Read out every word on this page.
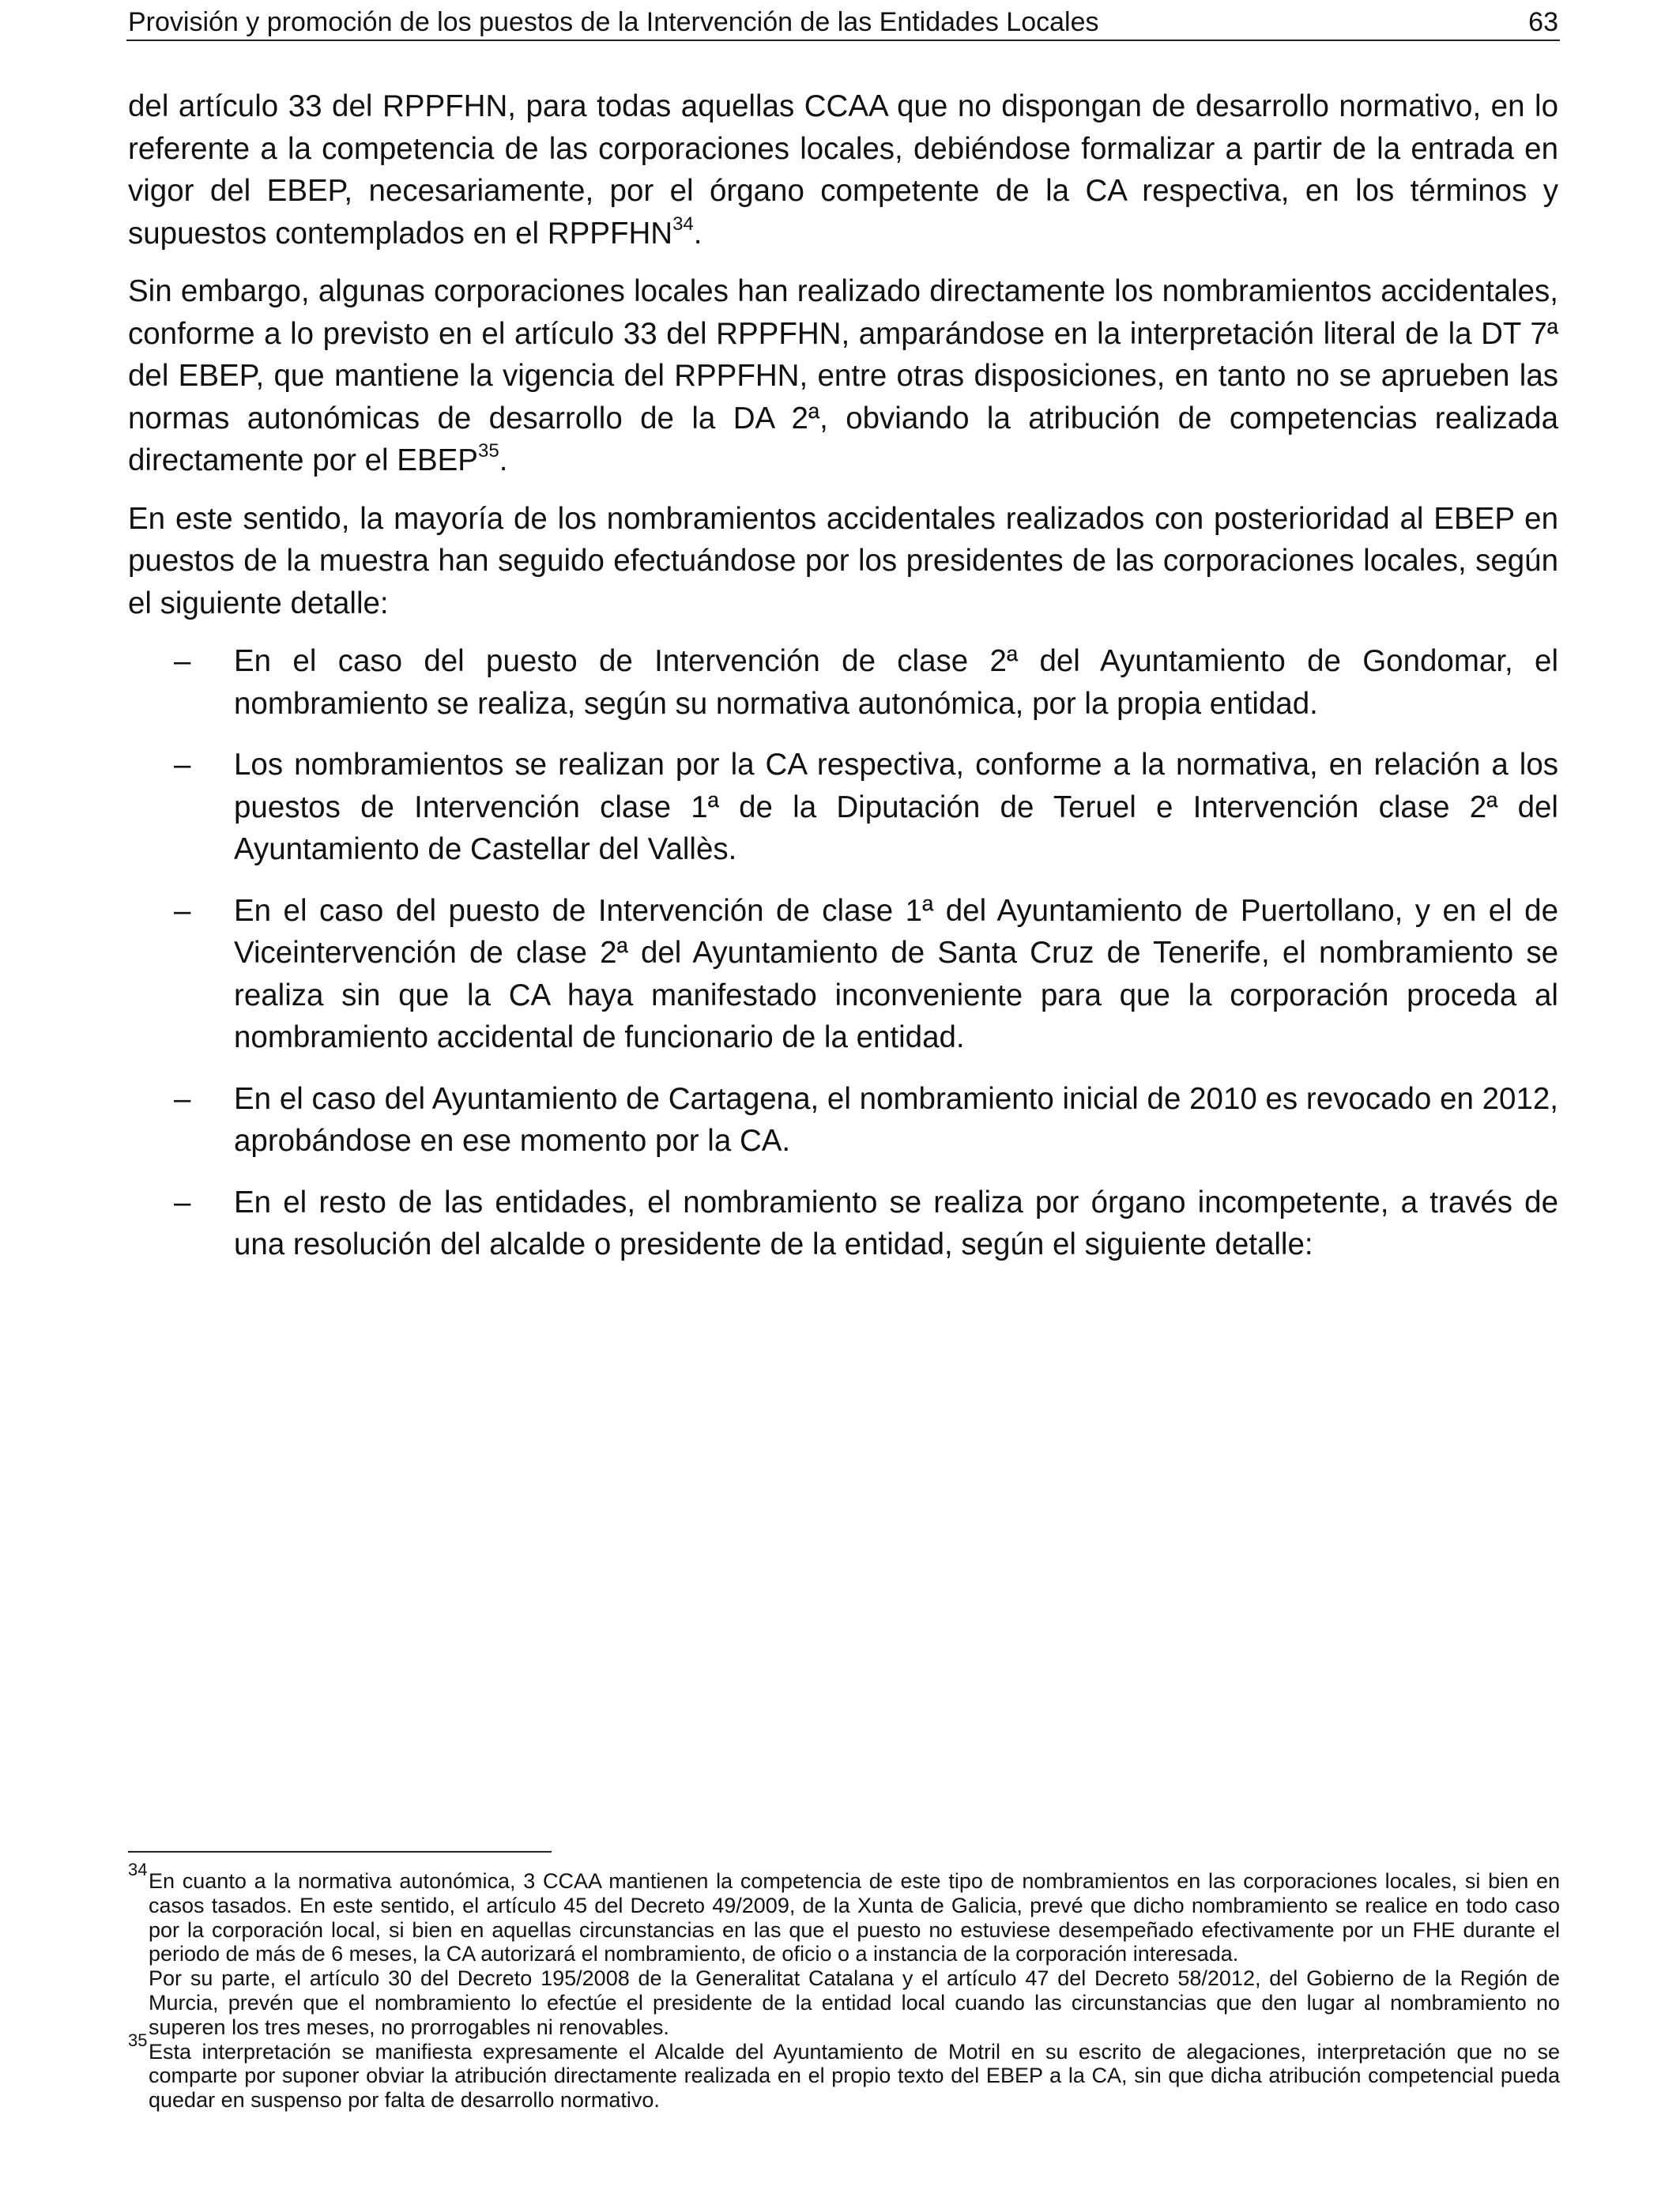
Provisión y promoción de los puestos de la Intervención de las Entidades Locales	63

del artículo 33 del RPPFHN, para todas aquellas CCAA que no dispongan de desarrollo normativo, en lo referente a la competencia de las corporaciones locales, debiéndose formalizar a partir de la entrada en vigor del EBEP, necesariamente, por el órgano competente de la CA respectiva, en los términos y supuestos contemplados en el RPPFHN$^{34}$.

Sin embargo, algunas corporaciones locales han realizado directamente los nombramientos accidentales, conforme a lo previsto en el artículo 33 del RPPFHN, amparándose en la interpretación literal de la DT 7ª del EBEP, que mantiene la vigencia del RPPFHN, entre otras disposiciones, en tanto no se aprueben las normas autonómicas de desarrollo de la DA 2ª, obviando la atribución de competencias realizada directamente por el EBEP$^{35}$.

En este sentido, la mayoría de los nombramientos accidentales realizados con posterioridad al EBEP en puestos de la muestra han seguido efectuándose por los presidentes de las corporaciones locales, según el siguiente detalle:

– En el caso del puesto de Intervención de clase 2ª del Ayuntamiento de Gondomar, el nombramiento se realiza, según su normativa autonómica, por la propia entidad.
– Los nombramientos se realizan por la CA respectiva, conforme a la normativa, en relación a los puestos de Intervención clase 1ª de la Diputación de Teruel e Intervención clase 2ª del Ayuntamiento de Castellar del Vallès.
– En el caso del puesto de Intervención de clase 1ª del Ayuntamiento de Puertollano, y en el de Viceintervención de clase 2ª del Ayuntamiento de Santa Cruz de Tenerife, el nombramiento se realiza sin que la CA haya manifestado inconveniente para que la corporación proceda al nombramiento accidental de funcionario de la entidad.
– En el caso del Ayuntamiento de Cartagena, el nombramiento inicial de 2010 es revocado en 2012, aprobándose en ese momento por la CA.
– En el resto de las entidades, el nombramiento se realiza por órgano incompetente, a través de una resolución del alcalde o presidente de la entidad, según el siguiente detalle:
34 En cuanto a la normativa autonómica, 3 CCAA mantienen la competencia de este tipo de nombramientos en las corporaciones locales, si bien en casos tasados. En este sentido, el artículo 45 del Decreto 49/2009, de la Xunta de Galicia, prevé que dicho nombramiento se realice en todo caso por la corporación local, si bien en aquellas circunstancias en las que el puesto no estuviese desempeñado efectivamente por un FHE durante el periodo de más de 6 meses, la CA autorizará el nombramiento, de oficio o a instancia de la corporación interesada.

Por su parte, el artículo 30 del Decreto 195/2008 de la Generalitat Catalana y el artículo 47 del Decreto 58/2012, del Gobierno de la Región de Murcia, prevén que el nombramiento lo efectúe el presidente de la entidad local cuando las circunstancias que den lugar al nombramiento no superen los tres meses, no prorrogables ni renovables.

35 Esta interpretación se manifiesta expresamente el Alcalde del Ayuntamiento de Motril en su escrito de alegaciones, interpretación que no se comparte por suponer obviar la atribución directamente realizada en el propio texto del EBEP a la CA, sin que dicha atribución competencial pueda quedar en suspenso por falta de desarrollo normativo.
